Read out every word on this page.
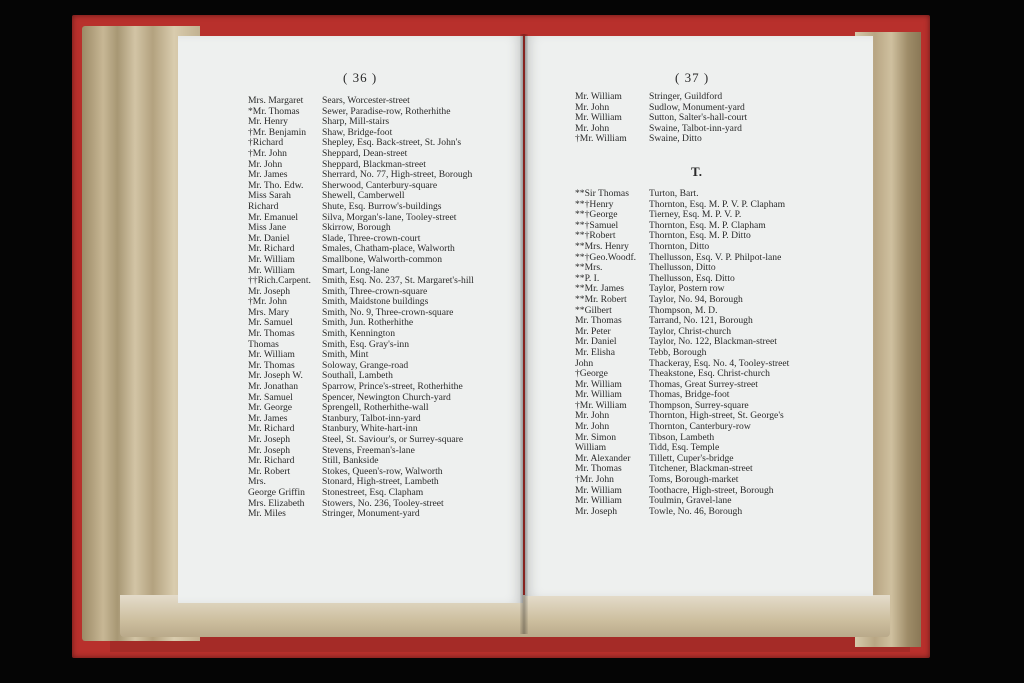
( 36 )
Mrs. Margaret	Sears, Worcester-street
*Mr. Thomas	Sewer, Paradise-row, Rotherhithe
Mr. Henry	Sharp, Mill-stairs
†Mr. Benjamin	Shaw, Bridge-foot
†Richard	Shepley, Esq. Back-street, St. John's
†Mr. John	Sheppard, Dean-street
Mr. John	Sheppard, Blackman-street
Mr. James	Sherrard, No. 77, High-street, Borough
Mr. Tho. Edw.	Sherwood, Canterbury-square
Miss Sarah	Shewell, Camberwell
Richard	Shute, Esq. Burrow's-buildings
Mr. Emanuel	Silva, Morgan's-lane, Tooley-street
Miss Jane	Skirrow, Borough
Mr. Daniel	Slade, Three-crown-court
Mr. Richard	Smales, Chatham-place, Walworth
Mr. William	Smallbone, Walworth-common
Mr. William	Smart, Long-lane
††Rich.Carpent.	Smith, Esq. No. 237, St. Margaret's-hill
Mr. Joseph	Smith, Three-crown-square
†Mr. John	Smith, Maidstone buildings
Mrs. Mary	Smith, No. 9, Three-crown-square
Mr. Samuel	Smith, Jun. Rotherhithe
Mr. Thomas	Smith, Kennington
Thomas	Smith, Esq. Gray's-inn
Mr. William	Smith, Mint
Mr. Thomas	Soloway, Grange-road
Mr. Joseph W.	Southall, Lambeth
Mr. Jonathan	Sparrow, Prince's-street, Rotherhithe
Mr. Samuel	Spencer, Newington Church-yard
Mr. George	Sprengell, Rotherhithe-wall
Mr. James	Stanbury, Talbot-inn-yard
Mr. Richard	Stanbury, White-hart-inn
Mr. Joseph	Steel, St. Saviour's, or Surrey-square
Mr. Joseph	Stevens, Freeman's-lane
Mr. Richard	Still, Bankside
Mr. Robert	Stokes, Queen's-row, Walworth
Mrs.	Stonard, High-street, Lambeth
George Griffin	Stonestreet, Esq. Clapham
Mrs. Elizabeth	Stowers, No. 236, Tooley-street
Mr. Miles	Stringer, Monument-yard
( 37 )
Mr. William	Stringer, Guildford
Mr. John	Sudlow, Monument-yard
Mr. William	Sutton, Salter's-hall-court
Mr. John	Swaine, Talbot-inn-yard
†Mr. William	Swaine, Ditto
T.
**Sir Thomas	Turton, Bart.
**†Henry	Thornton, Esq. M. P. V. P. Clapham
**†George	Tierney, Esq. M. P. V. P.
**†Samuel	Thornton, Esq. M. P. Clapham
**†Robert	Thornton, Esq. M. P. Ditto
**Mrs. Henry	Thornton, Ditto
**†Geo.Woodf.	Thellusson, Esq. V. P. Philpot-lane
**Mrs.	Thellusson, Ditto
**P. I.	Thellusson, Esq. Ditto
**Mr. James	Taylor, Postern row
**Mr. Robert	Taylor, No. 94, Borough
**Gilbert	Thompson, M. D.
Mr. Thomas	Tarrand, No. 121, Borough
Mr. Peter	Taylor, Christ-church
Mr. Daniel	Taylor, No. 122, Blackman-street
Mr. Elisha	Tebb, Borough
John	Thackeray, Esq. No. 4, Tooley-street
†George	Theakstone, Esq. Christ-church
Mr. William	Thomas, Great Surrey-street
Mr. William	Thomas, Bridge-foot
†Mr. William	Thompson, Surrey-square
Mr. John	Thornton, High-street, St. George's
Mr. John	Thornton, Canterbury-row
Mr. Simon	Tibson, Lambeth
William	Tidd, Esq. Temple
Mr. Alexander	Tillett, Cuper's-bridge
Mr. Thomas	Titchener, Blackman-street
†Mr. John	Toms, Borough-market
Mr. William	Toothacre, High-street, Borough
Mr. William	Toulmin, Gravel-lane
Mr. Joseph	Towle, No. 46, Borough
